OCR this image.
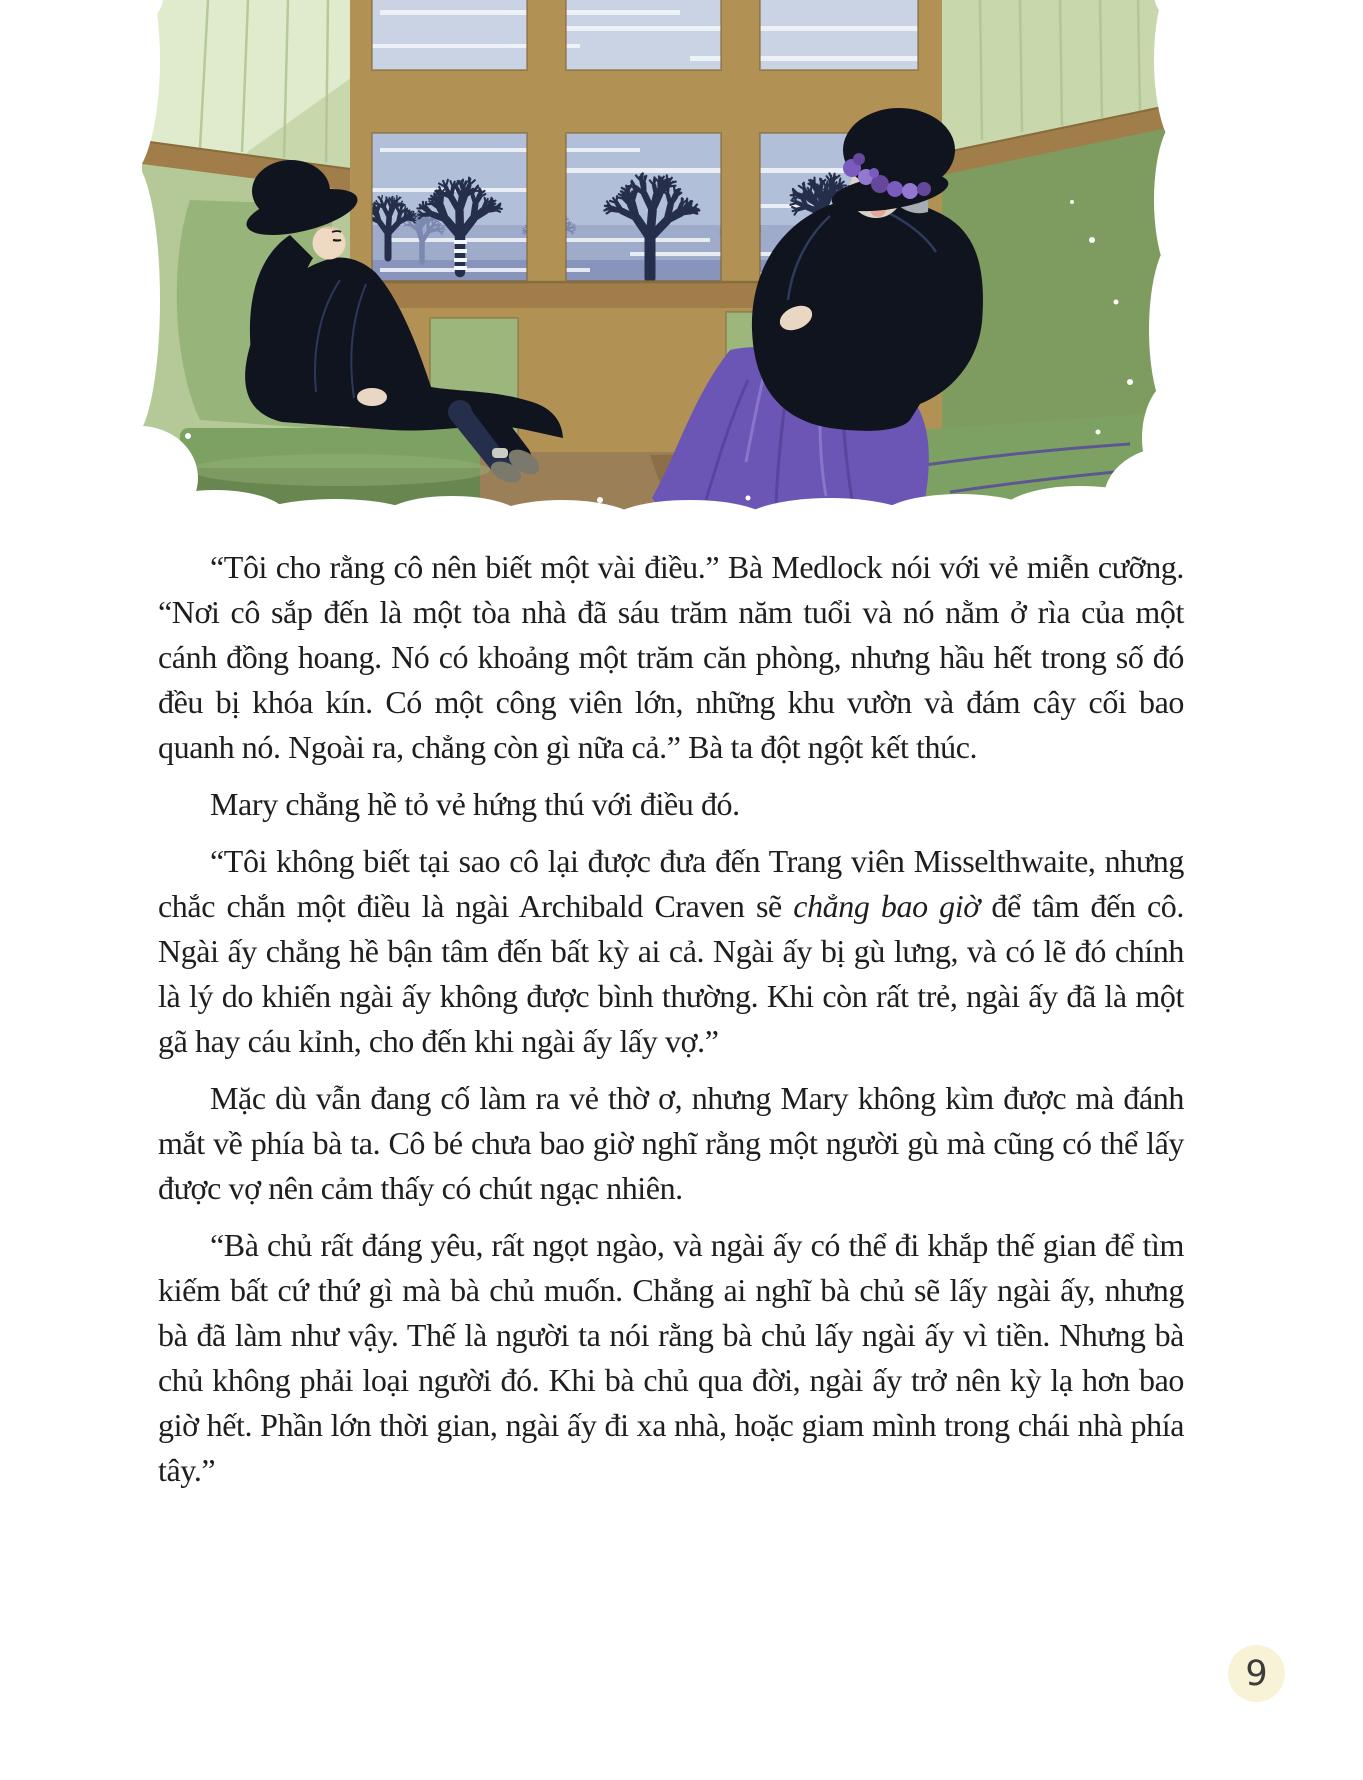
“Tôi cho rằng cô nên biết một vài điều.” Bà Medlock nói với vẻ miễn cưỡng. “Nơi cô sắp đến là một tòa nhà đã sáu trăm năm tuổi và nó nằm ở rìa của một cánh đồng hoang. Nó có khoảng một trăm căn phòng, nhưng hầu hết trong số đó đều bị khóa kín. Có một công viên lớn, những khu vườn và đám cây cối bao quanh nó. Ngoài ra, chẳng còn gì nữa cả.” Bà ta đột ngột kết thúc.

Mary chẳng hề tỏ vẻ hứng thú với điều đó.

“Tôi không biết tại sao cô lại được đưa đến Trang viên Misselthwaite, nhưng chắc chắn một điều là ngài Archibald Craven sẽ chẳng bao giờ để tâm đến cô. Ngài ấy chẳng hề bận tâm đến bất kỳ ai cả. Ngài ấy bị gù lưng, và có lẽ đó chính là lý do khiến ngài ấy không được bình thường. Khi còn rất trẻ, ngài ấy đã là một gã hay cáu kỉnh, cho đến khi ngài ấy lấy vợ.”

Mặc dù vẫn đang cố làm ra vẻ thờ ơ, nhưng Mary không kìm được mà đánh mắt về phía bà ta. Cô bé chưa bao giờ nghĩ rằng một người gù mà cũng có thể lấy được vợ nên cảm thấy có chút ngạc nhiên.

“Bà chủ rất đáng yêu, rất ngọt ngào, và ngài ấy có thể đi khắp thế gian để tìm kiếm bất cứ thứ gì mà bà chủ muốn. Chẳng ai nghĩ bà chủ sẽ lấy ngài ấy, nhưng bà đã làm như vậy. Thế là người ta nói rằng bà chủ lấy ngài ấy vì tiền. Nhưng bà chủ không phải loại người đó. Khi bà chủ qua đời, ngài ấy trở nên kỳ lạ hơn bao giờ hết. Phần lớn thời gian, ngài ấy đi xa nhà, hoặc giam mình trong chái nhà phía tây.”

9
